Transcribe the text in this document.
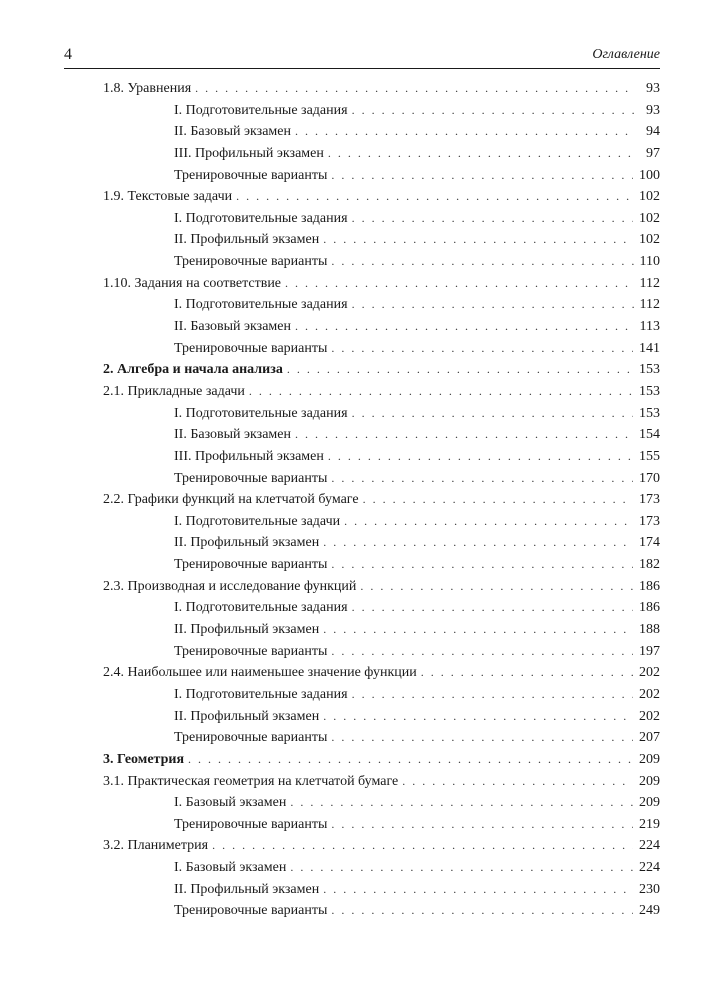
4	Оглавление
1.8. Уравнения . . .	93
I. Подготовительные задания . . .	93
II. Базовый экзамен . . .	94
III. Профильный экзамен . . .	97
Тренировочные варианты . . .	100
1.9. Текстовые задачи . . .	102
I. Подготовительные задания . . .	102
II. Профильный экзамен . . .	102
Тренировочные варианты . . .	110
1.10. Задания на соответствие . . .	112
I. Подготовительные задания . . .	112
II. Базовый экзамен . . .	113
Тренировочные варианты . . .	141
2. Алгебра и начала анализа . . .	153
2.1. Прикладные задачи . . .	153
I. Подготовительные задания . . .	153
II. Базовый экзамен . . .	154
III. Профильный экзамен . . .	155
Тренировочные варианты . . .	170
2.2. Графики функций на клетчатой бумаге . . .	173
I. Подготовительные задачи . . .	173
II. Профильный экзамен . . .	174
Тренировочные варианты . . .	182
2.3. Производная и исследование функций . . .	186
I. Подготовительные задания . . .	186
II. Профильный экзамен . . .	188
Тренировочные варианты . . .	197
2.4. Наибольшее или наименьшее значение функции . . .	202
I. Подготовительные задания . . .	202
II. Профильный экзамен . . .	202
Тренировочные варианты . . .	207
3. Геометрия . . .	209
3.1. Практическая геометрия на клетчатой бумаге . . .	209
I. Базовый экзамен . . .	209
Тренировочные варианты . . .	219
3.2. Планиметрия . . .	224
I. Базовый экзамен . . .	224
II. Профильный экзамен . . .	230
Тренировочные варианты . . .	249
